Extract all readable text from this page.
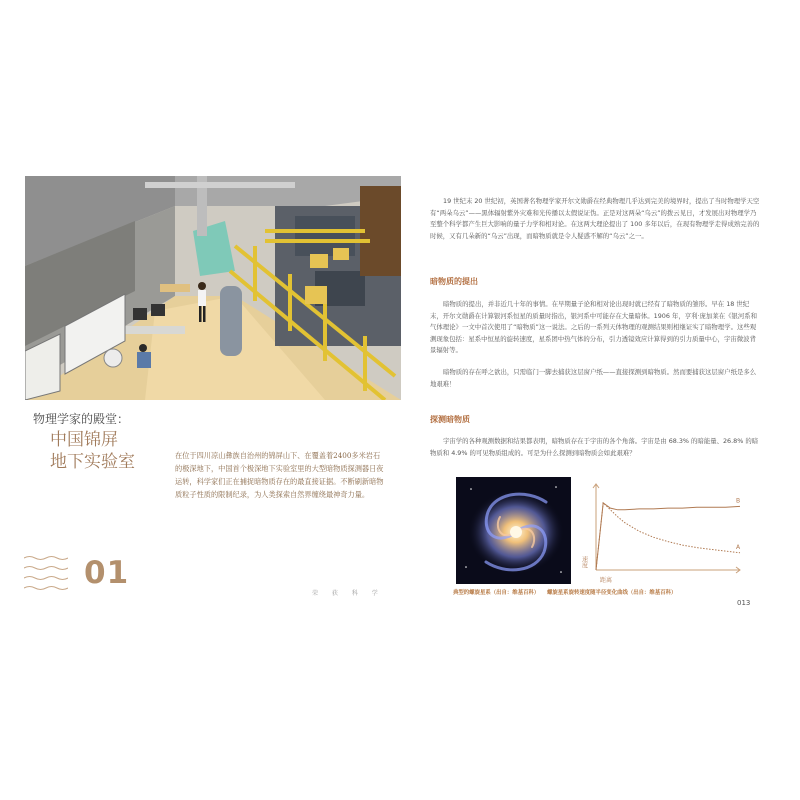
物理学家的殿堂：
中国锦屏
地下实验室	在位于四川凉山彝族自治州的锦屏山下、在覆盖着2400多米岩石的极深地下，中国首个极深地下实验室里的大型暗物质探测器日夜运转，科学家们正在捕捉暗物质存在的最直接证据。不断刷新暗物质粒子性质的限制纪录，为人类探索自然界缠绕最神奇力量。

01
荣 获 科 学

19 世纪末 20 世纪初，英国著名物理学家开尔文勋爵在经典物理几乎达到完美的境界时，提出了当时物理学天空有“两朵乌云”——黑体辐射紫外灾难和光传播以太假说证伪。正是对这两朵“乌云”的拨云见日，才发展出对物理学乃至整个科学都产生巨大影响的量子力学和相对论。在这两大理论提出了 100 多年以后，在现有物理学走得成熟完善的时候，又有几朵新的“乌云”出现，而暗物质就是令人疑惑不解的“乌云”之一。

暗物质的提出

暗物质的提出，并非近几十年的事情。在早期量子论和相对论出现时就已经有了暗物质的雏形。早在 18 世纪末，开尔文勋爵在计算银河系恒星的质量时指出，银河系中可能存在大量暗体。1906 年，亨利·庞加莱在《银河系和气体理论》一文中首次使用了“暗物质”这一说法。之后的一系列天体物理的观测结果则相继证实了暗物理学。这些观测现象包括：星系中恒星的旋转速度，星系团中热气体的分布，引力透镜效应计算得到的引力质量中心，宇宙微波背景辐射等。

暗物质的存在呼之欲出，只需临门一脚去捕获这层窗户纸——直接探测到暗物质。然而要捕获这层窗户纸是多么地艰难！

探测暗物质

宇宙学的各种观测数据和结果都表明，暗物质存在于宇宙的各个角落。宇宙是由 68.3% 的暗能量、26.8% 的暗物质和 4.9% 的可见物质组成的。可是为什么探测到暗物质会如此艰难？

B
A
速度
距离
典型的螺旋星系（出自：维基百科） 螺旋星系旋转速度随半径变化曲线（出自：维基百科）
013
